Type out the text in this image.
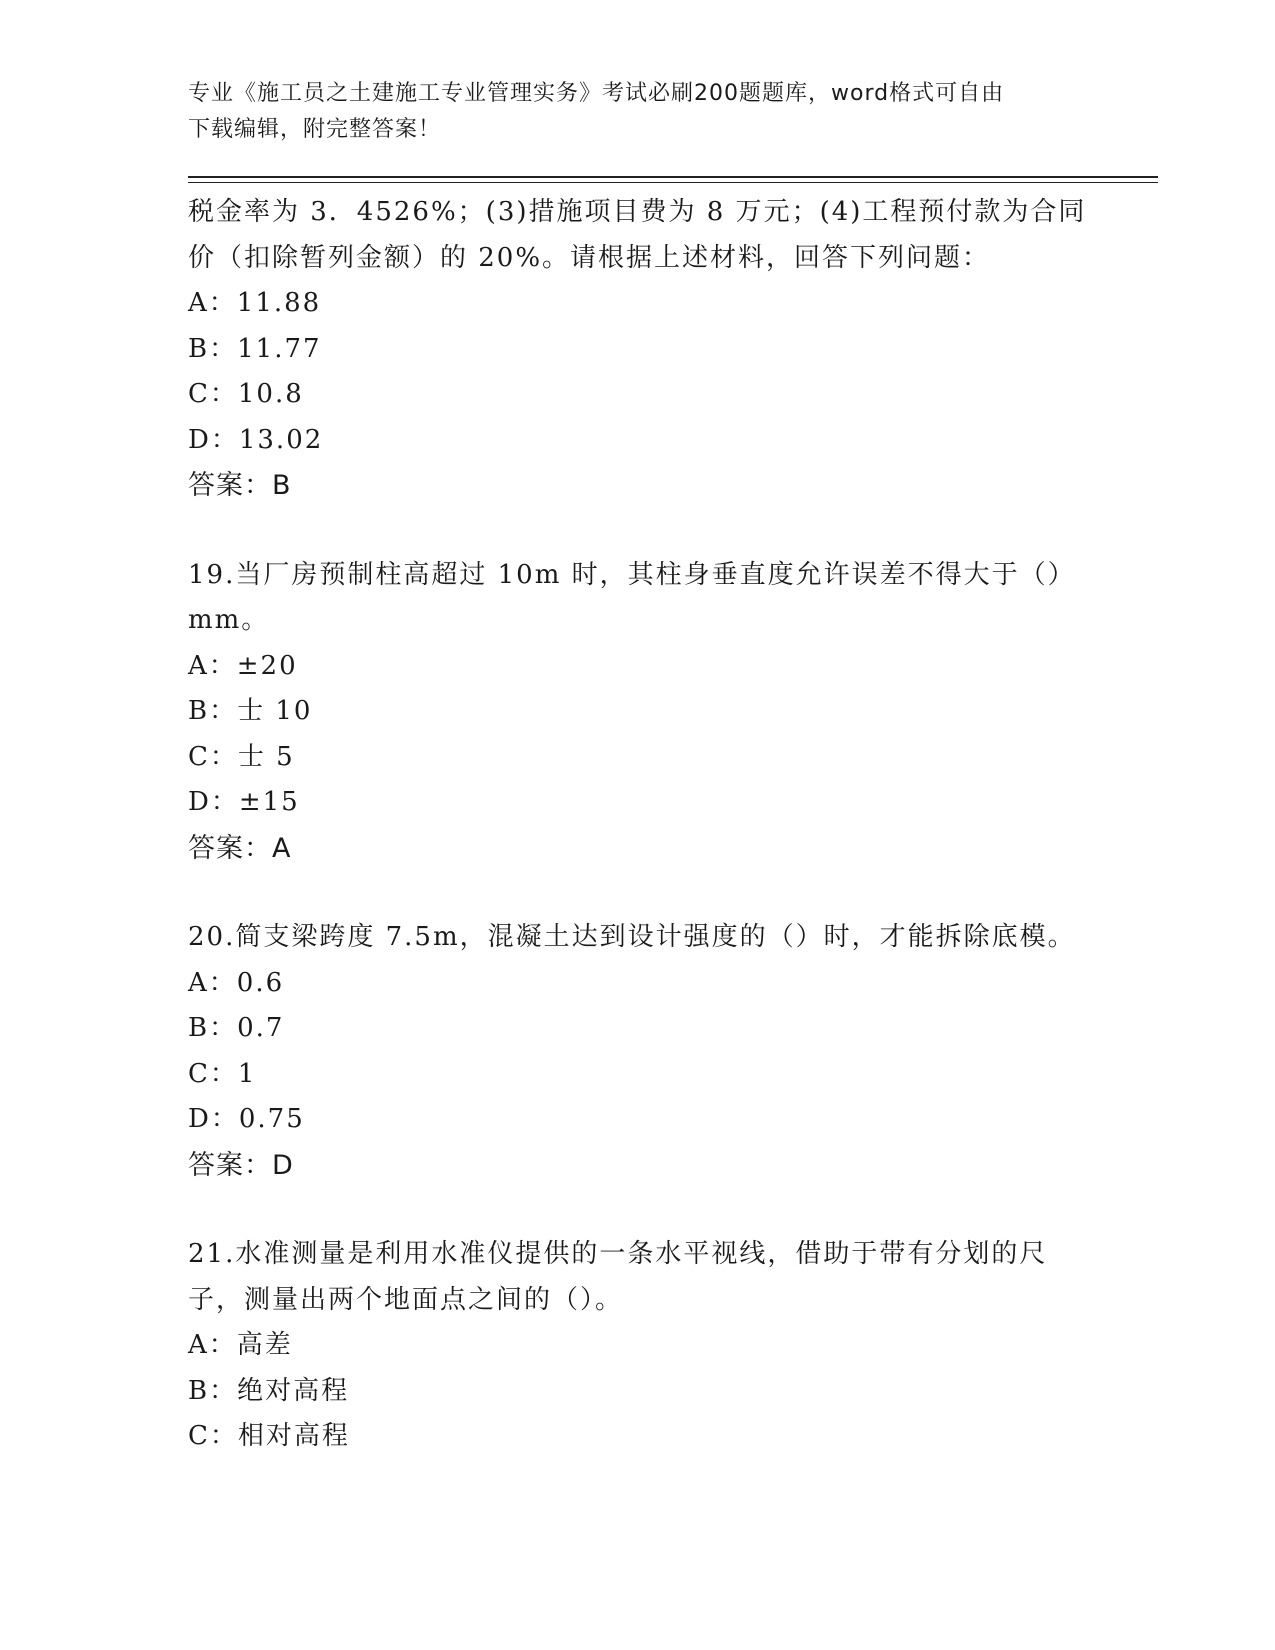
专业《施工员之土建施工专业管理实务》考试必刷200题题库，word格式可自由
下载编辑，附完整答案！
税金率为 3．4526%；(3)措施项目费为 8 万元；(4)工程预付款为合同
价（扣除暂列金额）的 20%。请根据上述材料，回答下列问题：
A：11.88
B：11.77
C：10.8
D：13.02
答案：B
19.当厂房预制柱高超过 10m 时，其柱身垂直度允许误差不得大于（）
mm。
A：±20
B：士 10
C：士 5
D：±15
答案：A
20.简支梁跨度 7.5m，混凝土达到设计强度的（）时，才能拆除底模。
A：0.6
B：0.7
C：1
D：0.75
答案：D
21.水准测量是利用水准仪提供的一条水平视线，借助于带有分划的尺
子，测量出两个地面点之间的（）。
A：高差
B：绝对高程
C：相对高程
